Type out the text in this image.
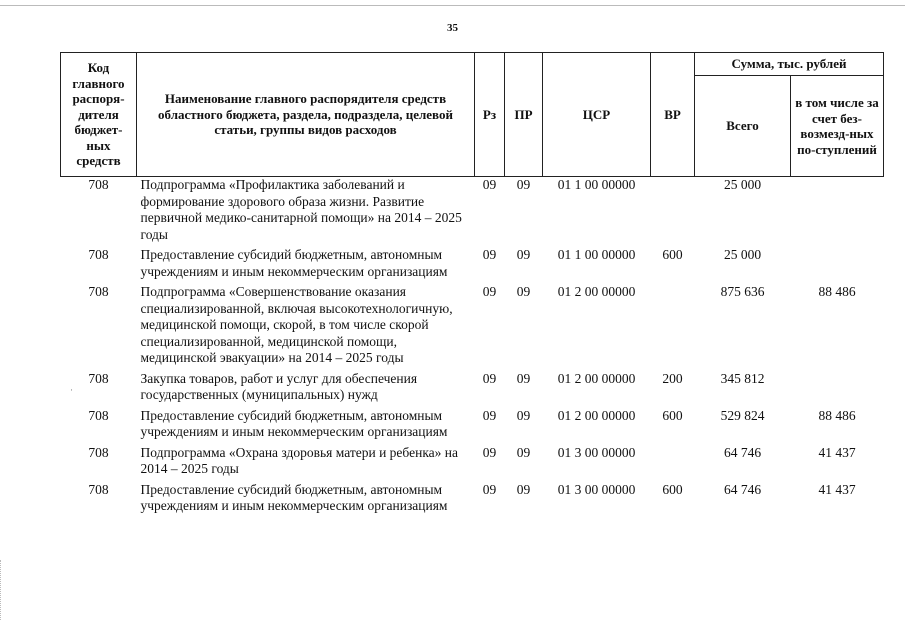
35
Код главного распоря-дителя бюджет-ных средств	Наименование главного распорядителя средств областного бюджета, раздела, подраздела, целевой статьи, группы видов расходов	Рз	ПР	ЦСР	ВР	Сумма, тыс. рублей	
						Всего	в том числе за счет без-возмезд-ных по-ступлений
708	Подпрограмма «Профилактика заболеваний и формирование здорового образа жизни. Развитие первичной медико-санитарной помощи» на 2014 – 2025 годы	09	09	01 1 00 00000		25 000	
708	Предоставление субсидий бюджетным, автономным учреждениям и иным некоммерческим организациям	09	09	01 1 00 00000	600	25 000	
708	Подпрограмма «Совершенствование оказания специализированной, включая высокотехнологичную, медицинской помощи, скорой, в том числе скорой специализированной, медицинской помощи, медицинской эвакуации» на 2014 – 2025 годы	09	09	01 2 00 00000		875 636	88 486
708	Закупка товаров, работ и услуг для обеспечения государственных (муниципальных) нужд	09	09	01 2 00 00000	200	345 812	
708	Предоставление субсидий бюджетным, автономным учреждениям и иным некоммерческим организациям	09	09	01 2 00 00000	600	529 824	88 486
708	Подпрограмма «Охрана здоровья матери и ребенка» на 2014 – 2025 годы	09	09	01 3 00 00000		64 746	41 437
708	Предоставление субсидий бюджетным, автономным учреждениям и иным некоммерческим организациям	09	09	01 3 00 00000	600	64 746	41 437
·
